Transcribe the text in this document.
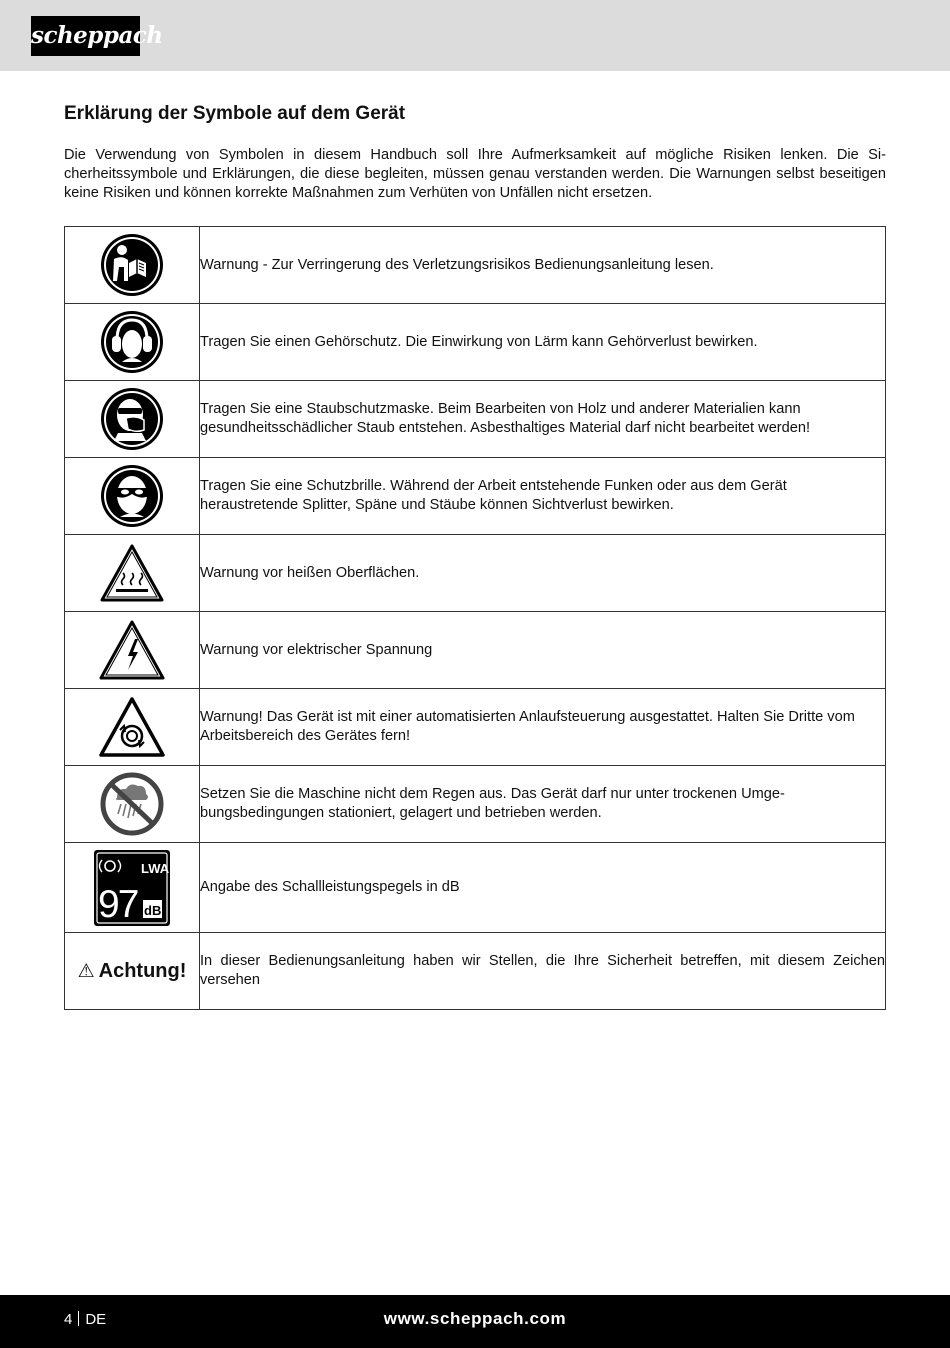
scheppach
Erklärung der Symbole auf dem Gerät

Die Verwendung von Symbolen in diesem Handbuch soll Ihre Aufmerksamkeit auf mögliche Risiken lenken. Die Si-cherheitssymbole und Erklärungen, die diese begleiten, müssen genau verstanden werden. Die Warnungen selbst beseitigen keine Risiken und können korrekte Maßnahmen zum Verhüten von Unfällen nicht ersetzen.

	Warnung - Zur Verringerung des Verletzungsrisikos Bedienungsanleitung lesen.

	Tragen Sie einen Gehörschutz. Die Einwirkung von Lärm kann Gehörverlust bewirken.

	Tragen Sie eine Staubschutzmaske. Beim Bearbeiten von Holz und anderer Materialien kann gesundheitsschädlicher Staub entstehen. Asbesthaltiges Material darf nicht bearbeitet werden!

	Tragen Sie eine Schutzbrille. Während der Arbeit entstehende Funken oder aus dem Gerät heraustretende Splitter, Späne und Stäube können Sichtverlust bewirken.

	Warnung vor heißen Oberflächen.

	Warnung vor elektrischer Spannung

	Warnung! Das Gerät ist mit einer automatisierten Anlaufsteuerung ausgestattet. Halten Sie Dritte vom Arbeitsbereich des Gerätes fern!

	Setzen Sie die Maschine nicht dem Regen aus. Das Gerät darf nur unter trockenen Umge-bungsbedingungen stationiert, gelagert und betrieben werden.

LWA
97 dB	Angabe des Schallleistungspegels in dB
⚠ Achtung!	In dieser Bedienungsanleitung haben wir Stellen, die Ihre Sicherheit betreffen, mit diesem Zeichen versehen
4 DE	www.scheppach.com
